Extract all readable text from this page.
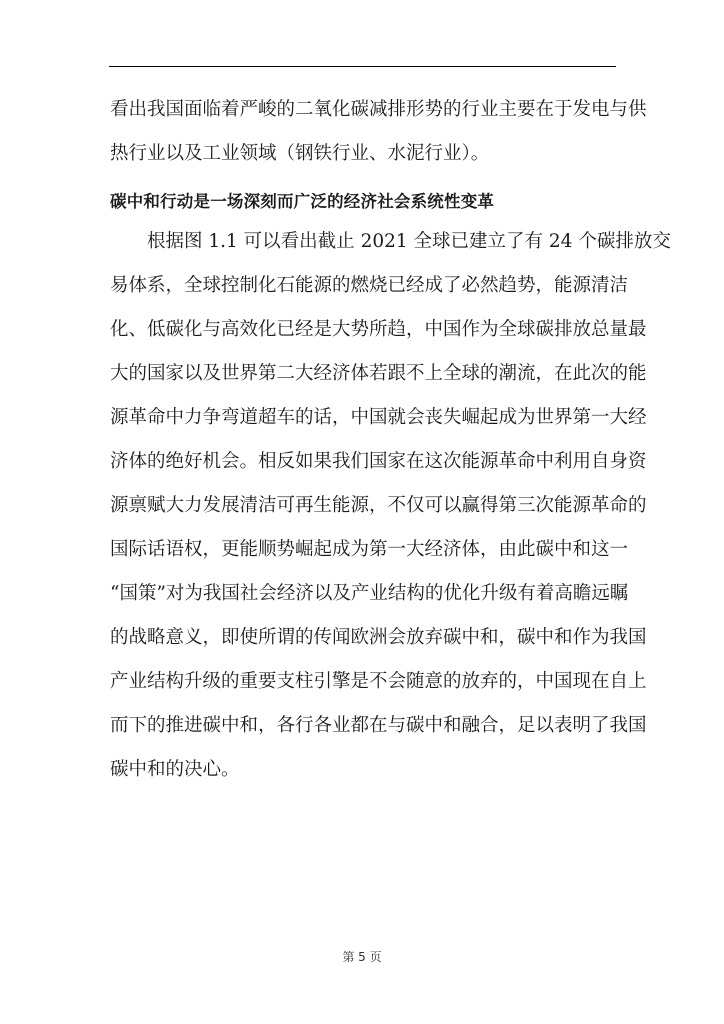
看出我国面临着严峻的二氧化碳减排形势的行业主要在于发电与供
热行业以及工业领域（钢铁行业、水泥行业）。
碳中和行动是一场深刻而广泛的经济社会系统性变革
根据图 1.1 可以看出截止 2021 全球已建立了有 24 个碳排放交
易体系，全球控制化石能源的燃烧已经成了必然趋势，能源清洁
化、低碳化与高效化已经是大势所趋，中国作为全球碳排放总量最
大的国家以及世界第二大经济体若跟不上全球的潮流，在此次的能
源革命中力争弯道超车的话，中国就会丧失崛起成为世界第一大经
济体的绝好机会。相反如果我们国家在这次能源革命中利用自身资
源禀赋大力发展清洁可再生能源，不仅可以赢得第三次能源革命的
国际话语权，更能顺势崛起成为第一大经济体，由此碳中和这一
“国策”对为我国社会经济以及产业结构的优化升级有着高瞻远瞩
的战略意义，即使所谓的传闻欧洲会放弃碳中和，碳中和作为我国
产业结构升级的重要支柱引擎是不会随意的放弃的，中国现在自上
而下的推进碳中和，各行各业都在与碳中和融合，足以表明了我国
碳中和的决心。
第 5 页
